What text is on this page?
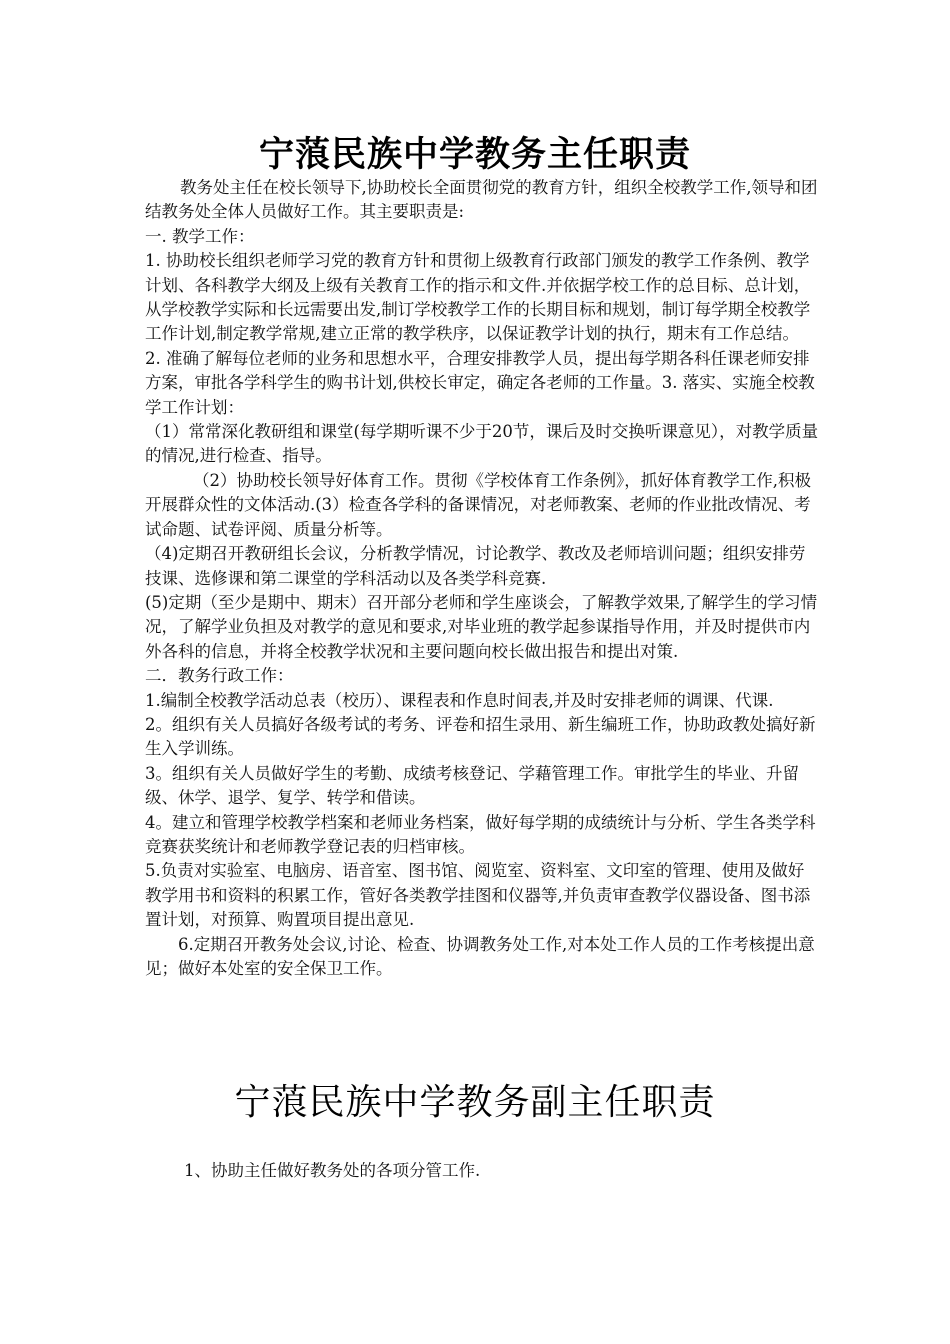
宁蒗民族中学教务主任职责

教务处主任在校长领导下,协助校长全面贯彻党的教育方针，组织全校教学工作,领导和团结教务处全体人员做好工作。其主要职责是:

一. 教学工作：

1. 协助校长组织老师学习党的教育方针和贯彻上级教育行政部门颁发的教学工作条例、教学计划、各科教学大纲及上级有关教育工作的指示和文件.并依据学校工作的总目标、总计划，从学校教学实际和长远需要出发,制订学校教学工作的长期目标和规划，制订每学期全校教学工作计划,制定教学常规,建立正常的教学秩序，以保证教学计划的执行，期末有工作总结。

2. 准确了解每位老师的业务和思想水平，合理安排教学人员，提出每学期各科任课老师安排方案，审批各学科学生的购书计划,供校长审定，确定各老师的工作量。3. 落实、实施全校教学工作计划：

（1）常常深化教研组和课堂(每学期听课不少于20节，课后及时交换听课意见），对教学质量的情况,进行检查、指导。

（2）协助校长领导好体育工作。贯彻《学校体育工作条例》，抓好体育教学工作,积极开展群众性的文体活动.(3）检查各学科的备课情况，对老师教案、老师的作业批改情况、考试命题、试卷评阅、质量分析等。

（4)定期召开教研组长会议，分析教学情况，讨论教学、教改及老师培训问题；组织安排劳技课、选修课和第二课堂的学科活动以及各类学科竞赛.

(5)定期（至少是期中、期末）召开部分老师和学生座谈会，了解教学效果,了解学生的学习情况，了解学业负担及对教学的意见和要求,对毕业班的教学起参谋指导作用，并及时提供市内外各科的信息，并将全校教学状况和主要问题向校长做出报告和提出对策.

二．教务行政工作：

1.编制全校教学活动总表（校历）、课程表和作息时间表,并及时安排老师的调课、代课.

2。组织有关人员搞好各级考试的考务、评卷和招生录用、新生编班工作，协助政教处搞好新生入学训练。

3。组织有关人员做好学生的考勤、成绩考核登记、学藉管理工作。审批学生的毕业、升留级、休学、退学、复学、转学和借读。

4。建立和管理学校教学档案和老师业务档案，做好每学期的成绩统计与分析、学生各类学科竞赛获奖统计和老师教学登记表的归档审核。

5.负责对实验室、电脑房、语音室、图书馆、阅览室、资料室、文印室的管理、使用及做好教学用书和资料的积累工作，管好各类教学挂图和仪器等,并负责审查教学仪器设备、图书添置计划，对预算、购置项目提出意见.

6.定期召开教务处会议,讨论、检查、协调教务处工作,对本处工作人员的工作考核提出意见；做好本处室的安全保卫工作。

宁蒗民族中学教务副主任职责

1、协助主任做好教务处的各项分管工作.
